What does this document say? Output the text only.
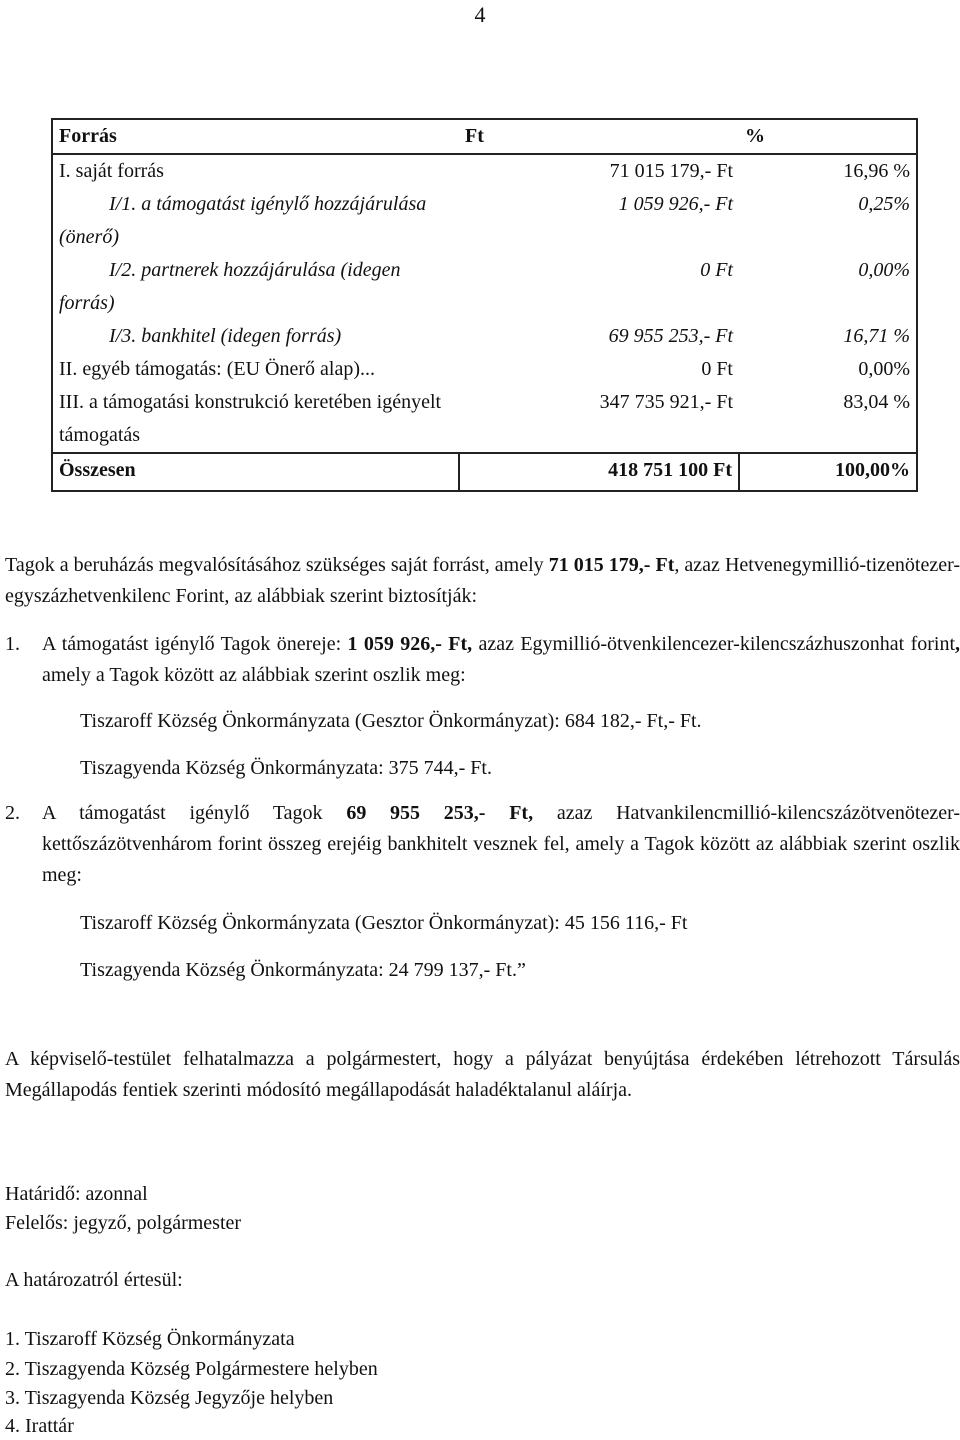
4
Forrás	Ft	%
I. saját forrás	71 015 179,- Ft	16,96 %

I/1. a támogatást igénylő hozzájárulása (önerő)	1 059 926,- Ft	0,25%

I/2. partnerek hozzájárulása (idegen forrás)	0 Ft	0,00%

I/3. bankhitel (idegen forrás)	69 955 253,- Ft	16,71 %
II. egyéb támogatás: (EU Önerő alap)...	0 Ft	0,00%
III. a támogatási konstrukció keretében igényelt támogatás	347 735 921,- Ft	83,04 %
Összesen	418 751 100 Ft	100,00%
Tagok a beruházás megvalósításához szükséges saját forrást, amely 71 015 179,- Ft, azaz Hetvenegymillió-tizenötezer-egyszázhetvenkilenc Forint, az alábbiak szerint biztosítják:
1. A támogatást igénylő Tagok önereje: 1 059 926,- Ft, azaz Egymillió-ötvenkilencezer-kilencszázhuszonhat forint, amely a Tagok között az alábbiak szerint oszlik meg:
Tiszaroff Község Önkormányzata (Gesztor Önkormányzat): 684 182,- Ft,- Ft.
Tiszagyenda Község Önkormányzata: 375 744,- Ft.
2. A támogatást igénylő Tagok 69 955 253,- Ft, azaz Hatvankilencmillió-kilencszázötvenötezer-kettőszázötvenhárom forint összeg erejéig bankhitelt vesznek fel, amely a Tagok között az alábbiak szerint oszlik meg:
Tiszaroff Község Önkormányzata (Gesztor Önkormányzat): 45 156 116,- Ft
Tiszagyenda Község Önkormányzata: 24 799 137,- Ft.”
A képviselő-testület felhatalmazza a polgármestert, hogy a pályázat benyújtása érdekében létrehozott Társulás Megállapodás fentiek szerinti módosító megállapodását haladéktalanul aláírja.
Határidő: azonnal
Felelős: jegyző, polgármester
A határozatról értesül:
1. Tiszaroff Község Önkormányzata
2. Tiszagyenda Község Polgármestere helyben
3. Tiszagyenda Község Jegyzője helyben
4. Irattár
